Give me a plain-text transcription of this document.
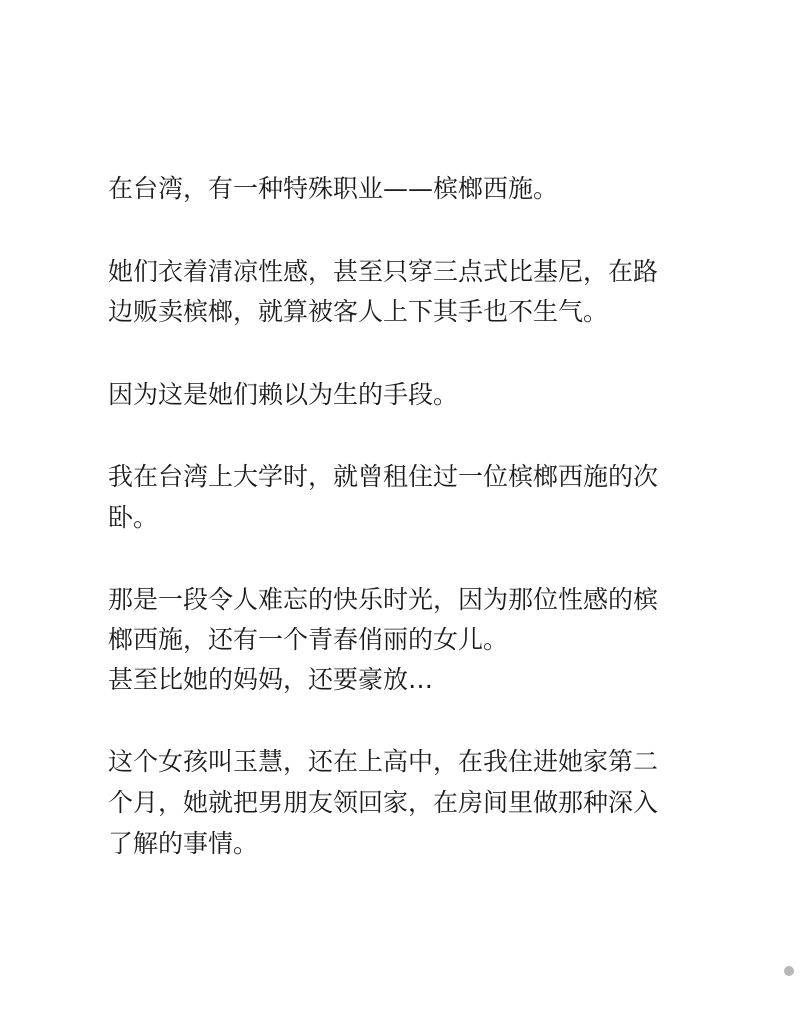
在台湾，有一种特殊职业——槟榔西施。
她们衣着清凉性感，甚至只穿三点式比基尼，在路
边贩卖槟榔，就算被客人上下其手也不生气。
因为这是她们赖以为生的手段。
我在台湾上大学时，就曾租住过一位槟榔西施的次
卧。
那是一段令人难忘的快乐时光，因为那位性感的槟
榔西施，还有一个青春俏丽的女儿。
甚至比她的妈妈，还要豪放…
这个女孩叫玉慧，还在上高中，在我住进她家第二
个月，她就把男朋友领回家，在房间里做那种深入
了解的事情。
